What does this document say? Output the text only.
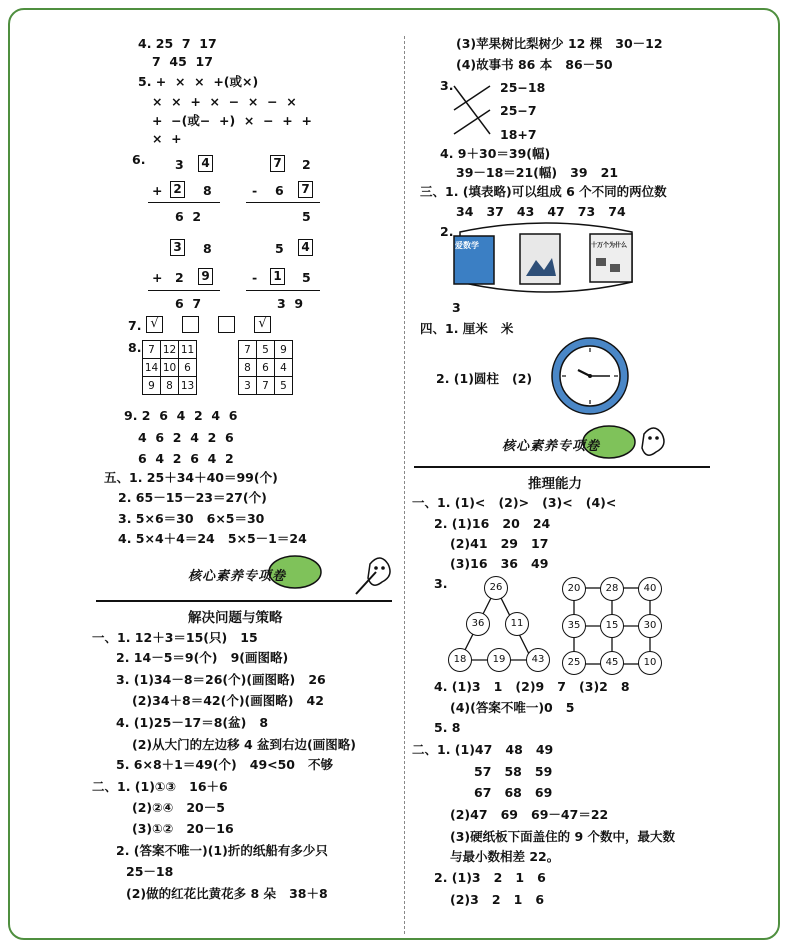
4. 25  7  17
7  45  17
5. +  ×  ×  +(或×)
×  ×  +  ×  −  ×  −  ×
+  −(或−  +)  ×  −  +  +
×  +
6. 3 4
+ 2 8
6  2
7 2
- 6 7
5
3 8
+ 2 9
6  7
5 4
- 1 5
3  9
7. √	√
8. 7	12	11
14	10	6
9	8	13
7	5	9
8	6	4
3	7	5
9. 2  6  4  2  4  6
4  6  2  4  2  6
6  4  2  6  4  2
五、1. 25＋34＋40＝99(个)
2. 65－15－23＝27(个)
3. 5×6＝30   6×5＝30
4. 5×4＋4＝24   5×5－1＝24
核心素养专项卷
解决问题与策略
一、1. 12＋3＝15(只)   15
2. 14－5＝9(个)   9(画图略)
3. (1)34－8＝26(个)(画图略)   26
(2)34＋8＝42(个)(画图略)   42
4. (1)25－17＝8(盆)   8
(2)从大门的左边移 4 盆到右边(画图略)
5. 6×8＋1＝49(个)   49<50   不够
二、1. (1)①③   16＋6
(2)②④   20－5
(3)①②   20－16
2. (答案不唯一)(1)折的纸船有多少只
25－18
(2)做的红花比黄花多 8 朵   38＋8
(3)苹果树比梨树少 12 棵   30－12
(4)故事书 86 本   86－50
3.	25−18
25−7
18+7
4. 9＋30＝39(幅)
39－18＝21(幅)   39   21
三、1. (填表略)可以组成 6 个不同的两位数
34   37   43   47   73   74
2.
爱数学	十万个为什么
3
四、1. 厘米   米
2. (1)圆柱   (2)
核心素养专项卷
推理能力
一、1. (1)<   (2)>   (3)<   (4)<
2. (1)16   20   24
(2)41   29   17
(3)16   36   49
3.	26
36	11
18	19	43
20	28	40
35	15	30
25	45	10
4. (1)3   1   (2)9   7   (3)2   8
(4)(答案不唯一)0   5
5. 8
二、1. (1)47   48   49
57   58   59
67   68   69
(2)47   69   69－47＝22
(3)硬纸板下面盖住的 9 个数中，最大数
与最小数相差 22。
2. (1)3   2   1   6
(2)3   2   1   6
